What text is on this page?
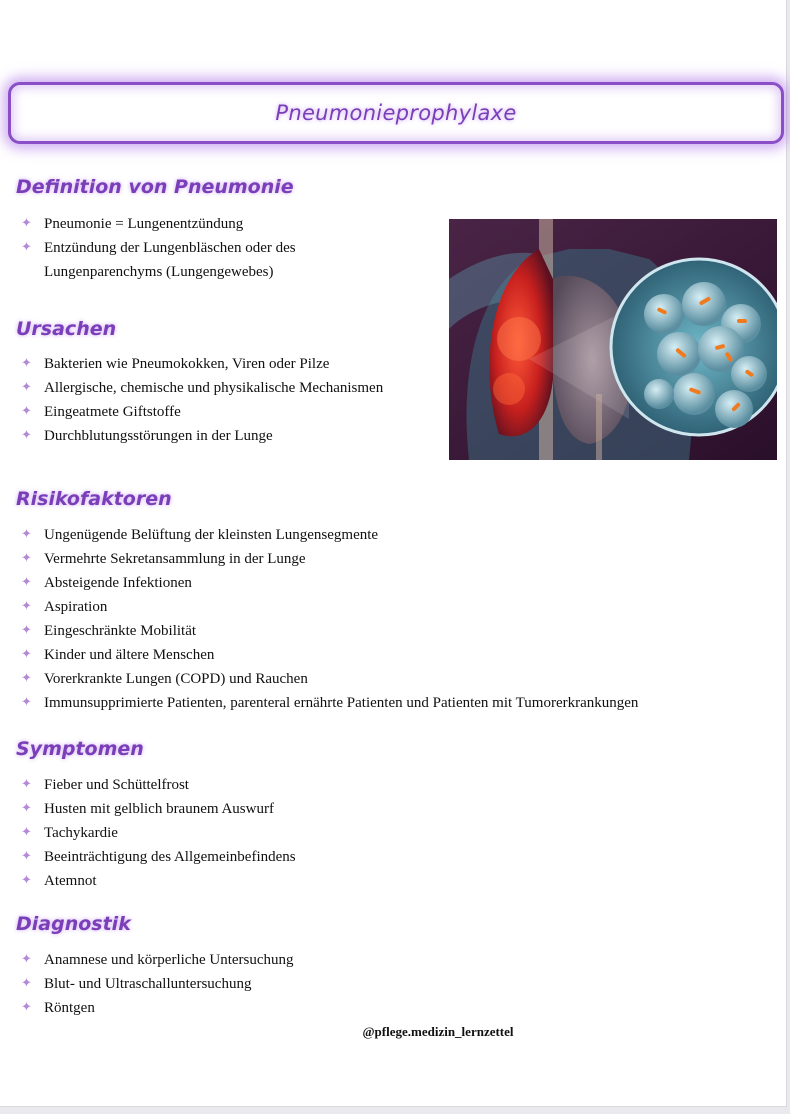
Pneumonieprophylaxe
Definition von Pneumonie
✦
Pneumonie = Lungenentzündung
✦
Entzündung der Lungenbläschen oder des Lungenparenchyms (Lungengewebes)
Ursachen
✦
Bakterien wie Pneumokokken, Viren oder Pilze
✦
Allergische, chemische und physikalische Mechanismen
✦
Eingeatmete Giftstoffe
✦
Durchblutungsstörungen in der Lunge
Risikofaktoren
✦
Ungenügende Belüftung der kleinsten Lungensegmente
✦
Vermehrte Sekretansammlung in der Lunge
✦
Absteigende Infektionen
✦
Aspiration
✦
Eingeschränkte Mobilität
✦
Kinder und ältere Menschen
✦
Vorerkrankte Lungen (COPD) und Rauchen
✦
Immunsupprimierte Patienten, parenteral ernährte Patienten und Patienten mit Tumorerkrankungen
Symptomen
✦
Fieber und Schüttelfrost
✦
Husten mit gelblich braunem Auswurf
✦
Tachykardie
✦
Beeinträchtigung des Allgemeinbefindens
✦
Atemnot
Diagnostik
✦
Anamnese und körperliche Untersuchung
✦
Blut- und Ultraschalluntersuchung
✦
Röntgen
@pflege.medizin_lernzettel
